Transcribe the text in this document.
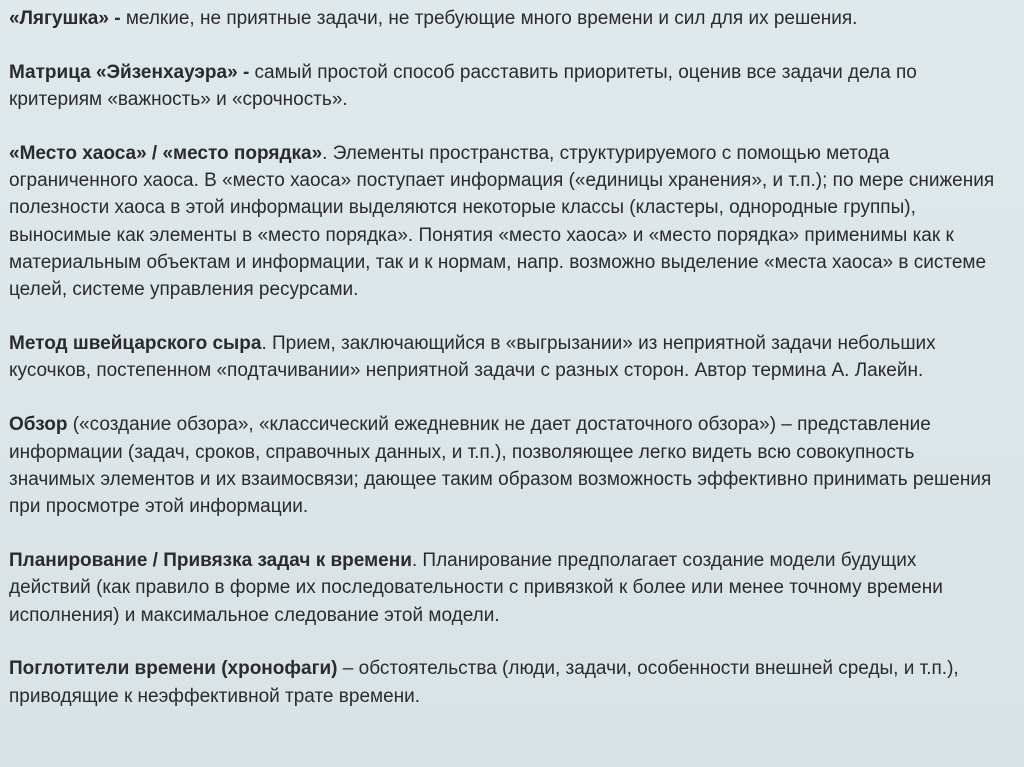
«Лягушка» - мелкие, не приятные задачи, не требующие много времени и сил для их решения.

Матрица «Эйзенхауэра» - самый простой способ расставить приоритеты, оценив все задачи дела по критериям «важность» и «срочность».

«Место хаоса» / «место порядка». Элементы пространства, структурируемого с помощью метода ограниченного хаоса. В «место хаоса» поступает информация («единицы хранения», и т.п.); по мере снижения полезности хаоса в этой информации выделяются некоторые классы (кластеры, однородные группы), выносимые как элементы в «место порядка». Понятия «место хаоса» и «место порядка» применимы как к материальным объектам и информации, так и к нормам, напр. возможно выделение «места хаоса» в системе целей, системе управления ресурсами.

Метод швейцарского сыра. Прием, заключающийся в «выгрызании» из неприятной задачи небольших кусочков, постепенном «подтачивании» неприятной задачи с разных сторон. Автор термина А. Лакейн.

Обзор («создание обзора», «классический ежедневник не дает достаточного обзора») – представление информации (задач, сроков, справочных данных, и т.п.), позволяющее легко видеть всю совокупность значимых элементов и их взаимосвязи; дающее таким образом возможность эффективно принимать решения при просмотре этой информации.

Планирование / Привязка задач к времени. Планирование предполагает создание модели будущих действий (как правило в форме их последовательности с привязкой к более или менее точному времени исполнения) и максимальное следование этой модели.

Поглотители времени (хронофаги) – обстоятельства (люди, задачи, особенности внешней среды, и т.п.), приводящие к неэффективной трате времени.
